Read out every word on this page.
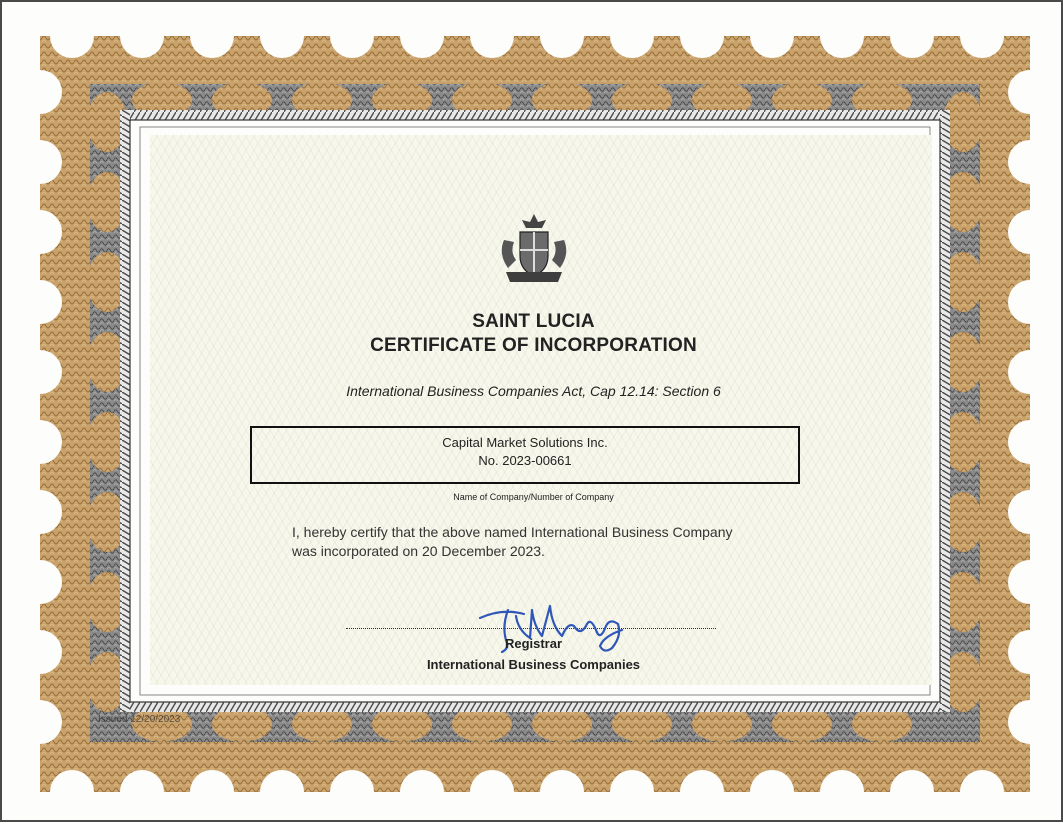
SAINT LUCIA
CERTIFICATE OF INCORPORATION
International Business Companies Act, Cap 12.14: Section 6
Capital Market Solutions Inc.
No. 2023-00661
Name of Company/Number of Company
I, hereby certify that the above named International Business Company
was incorporated on 20 December 2023.
Registrar
International Business Companies
Issued 12/20/2023
